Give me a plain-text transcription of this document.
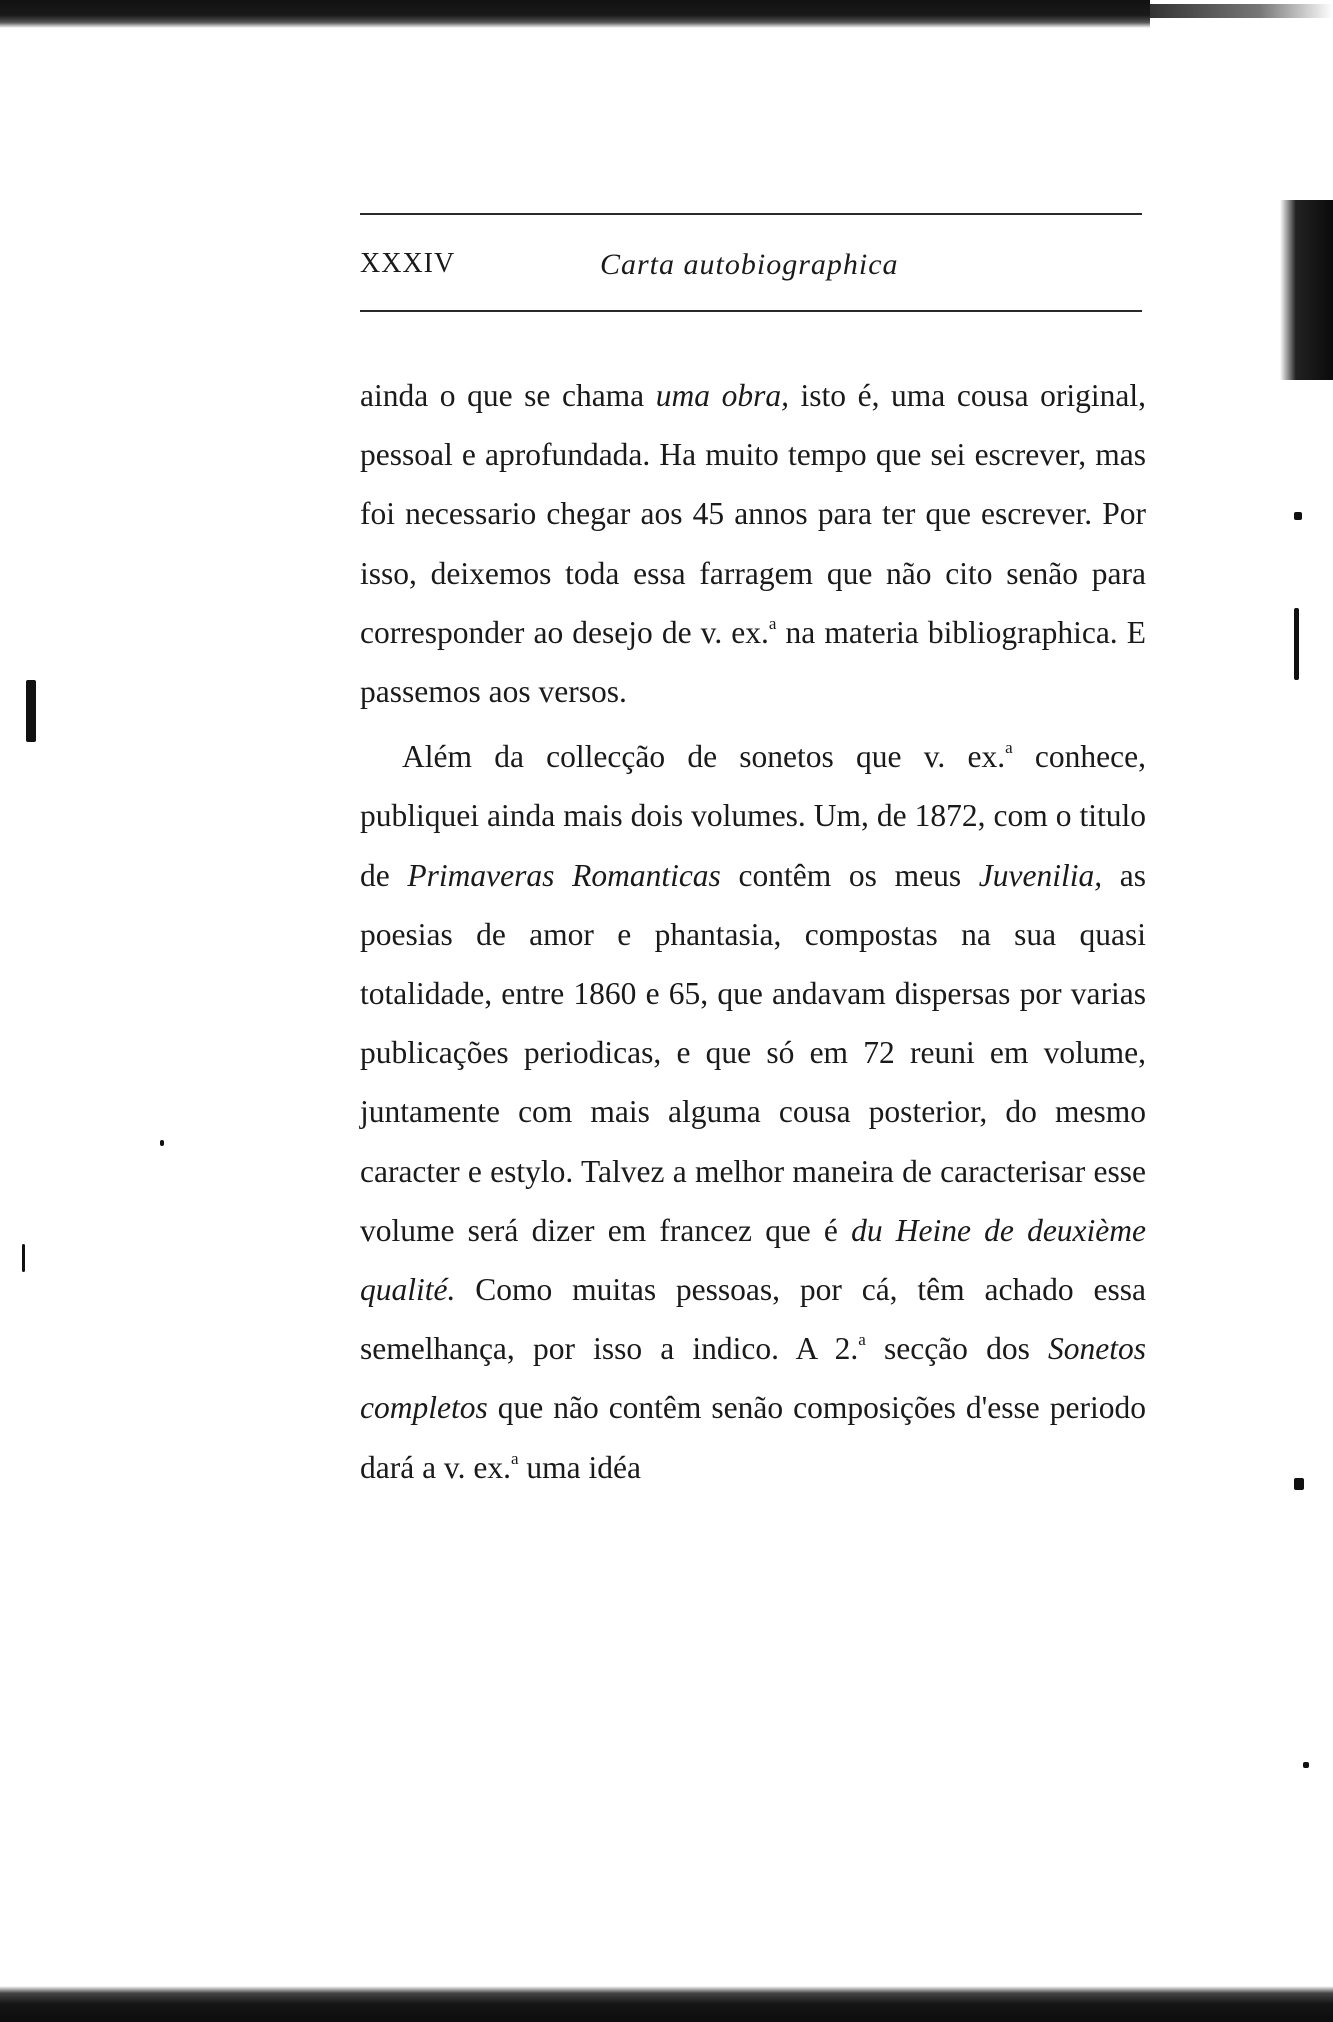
XXXIV	Carta autobiographica

ainda o que se chama uma obra, isto é, uma cousa original, pessoal e aprofundada. Ha muito tempo que sei escrever, mas foi necessario chegar aos 45 annos para ter que escrever. Por isso, deixemos toda essa farragem que não cito senão para corresponder ao desejo de v. ex.$^a$ na materia bibliographica. E passemos aos versos.

Além da collecção de sonetos que v. ex.$^a$ conhece, publiquei ainda mais dois volumes. Um, de 1872, com o titulo de Primaveras Romanticas contêm os meus Juvenilia, as poesias de amor e phantasia, compostas na sua quasi totalidade, entre 1860 e 65, que andavam dispersas por varias publicações periodicas, e que só em 72 reuni em volume, juntamente com mais alguma cousa posterior, do mesmo caracter e estylo. Talvez a melhor maneira de caracterisar esse volume será dizer em francez que é du Heine de deuxième qualité. Como muitas pessoas, por cá, têm achado essa semelhança, por isso a indico. A 2.$^a$ secção dos Sonetos completos que não contêm senão composições d'esse periodo dará a v. ex.$^a$ uma idéa
